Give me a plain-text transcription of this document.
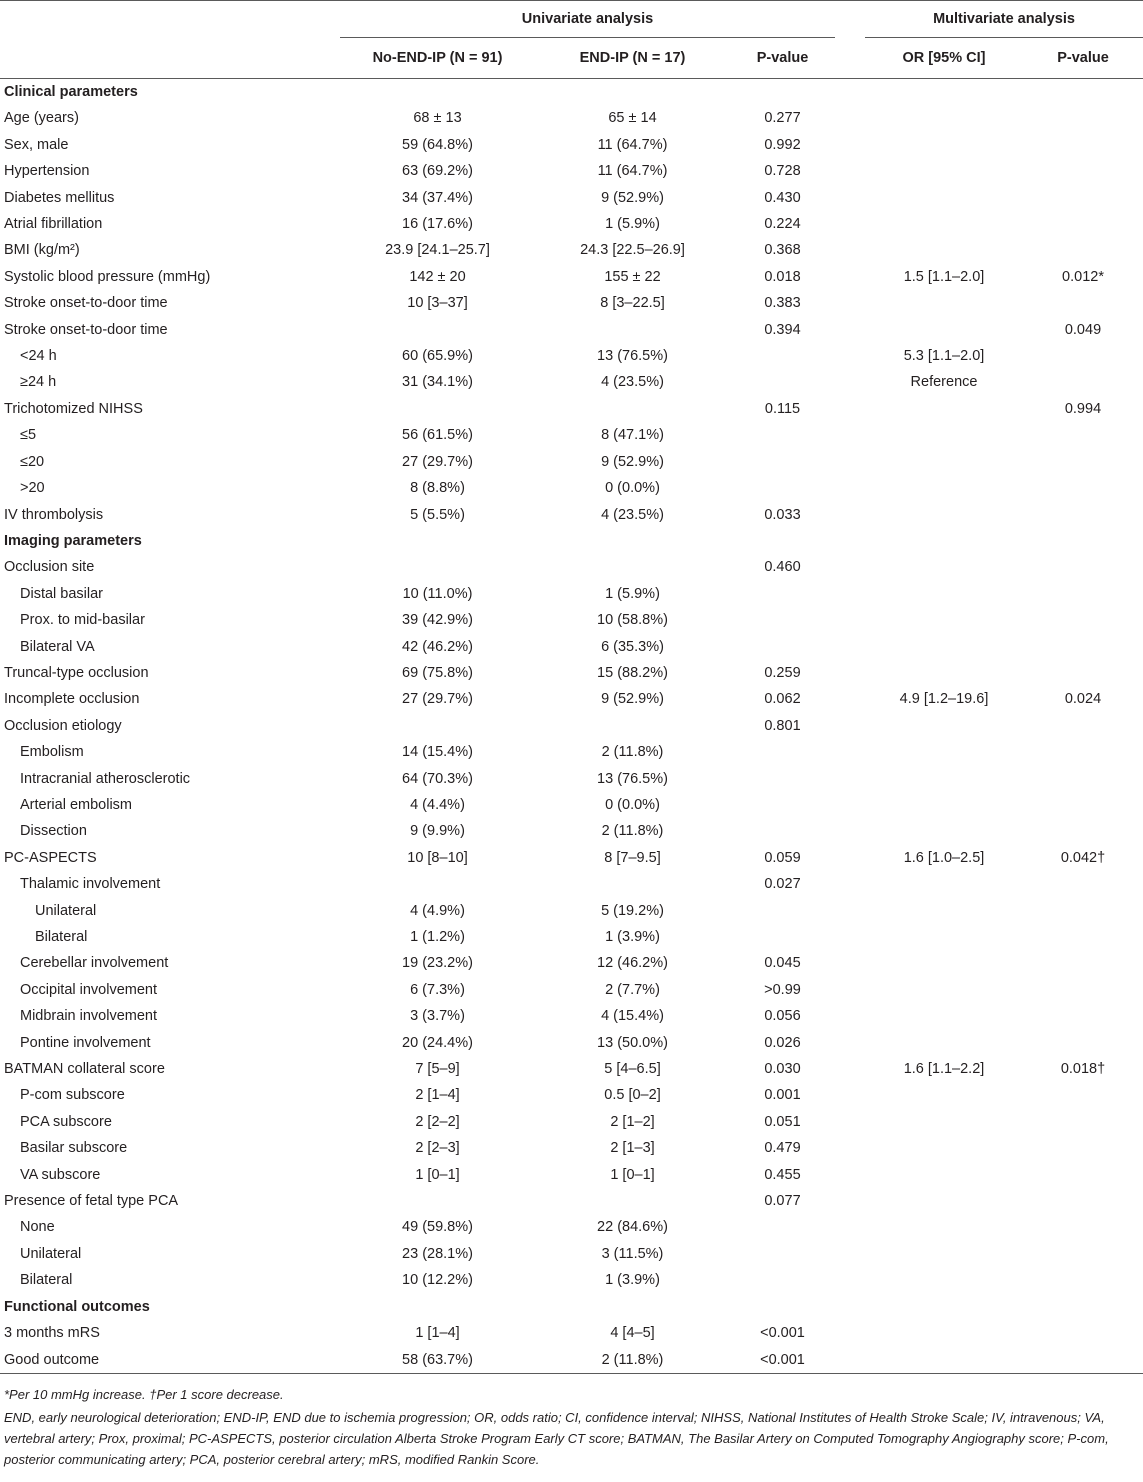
	Univariate analysis				Multivariate analysis	
	No-END-IP (N = 91)	END-IP (N = 17)	P-value		OR [95% CI]	P-value
Clinical parameters						
Age (years)	68 ± 13	65 ± 14	0.277			
Sex, male	59 (64.8%)	11 (64.7%)	0.992			
Hypertension	63 (69.2%)	11 (64.7%)	0.728			
Diabetes mellitus	34 (37.4%)	9 (52.9%)	0.430			
Atrial fibrillation	16 (17.6%)	1 (5.9%)	0.224			
BMI (kg/m²)	23.9 [24.1–25.7]	24.3 [22.5–26.9]	0.368			
Systolic blood pressure (mmHg)	142 ± 20	155 ± 22	0.018		1.5 [1.1–2.0]	0.012*
Stroke onset-to-door time	10 [3–37]	8 [3–22.5]	0.383			
Stroke onset-to-door time			0.394			0.049
<24 h	60 (65.9%)	13 (76.5%)			5.3 [1.1–2.0]	
≥24 h	31 (34.1%)	4 (23.5%)			Reference	
Trichotomized NIHSS			0.115			0.994
≤5	56 (61.5%)	8 (47.1%)				
≤20	27 (29.7%)	9 (52.9%)				
>20	8 (8.8%)	0 (0.0%)				
IV thrombolysis	5 (5.5%)	4 (23.5%)	0.033			
Imaging parameters						
Occlusion site			0.460			
Distal basilar	10 (11.0%)	1 (5.9%)				
Prox. to mid-basilar	39 (42.9%)	10 (58.8%)				
Bilateral VA	42 (46.2%)	6 (35.3%)				
Truncal-type occlusion	69 (75.8%)	15 (88.2%)	0.259			
Incomplete occlusion	27 (29.7%)	9 (52.9%)	0.062		4.9 [1.2–19.6]	0.024
Occlusion etiology			0.801			
Embolism	14 (15.4%)	2 (11.8%)				
Intracranial atherosclerotic	64 (70.3%)	13 (76.5%)				
Arterial embolism	4 (4.4%)	0 (0.0%)				
Dissection	9 (9.9%)	2 (11.8%)				
PC-ASPECTS	10 [8–10]	8 [7–9.5]	0.059		1.6 [1.0–2.5]	0.042†
Thalamic involvement			0.027			
Unilateral	4 (4.9%)	5 (19.2%)				
Bilateral	1 (1.2%)	1 (3.9%)				
Cerebellar involvement	19 (23.2%)	12 (46.2%)	0.045			
Occipital involvement	6 (7.3%)	2 (7.7%)	>0.99			
Midbrain involvement	3 (3.7%)	4 (15.4%)	0.056			
Pontine involvement	20 (24.4%)	13 (50.0%)	0.026			
BATMAN collateral score	7 [5–9]	5 [4–6.5]	0.030		1.6 [1.1–2.2]	0.018†
P-com subscore	2 [1–4]	0.5 [0–2]	0.001			
PCA subscore	2 [2–2]	2 [1–2]	0.051			
Basilar subscore	2 [2–3]	2 [1–3]	0.479			
VA subscore	1 [0–1]	1 [0–1]	0.455			
Presence of fetal type PCA			0.077			
None	49 (59.8%)	22 (84.6%)				
Unilateral	23 (28.1%)	3 (11.5%)				
Bilateral	10 (12.2%)	1 (3.9%)				
Functional outcomes						
3 months mRS	1 [1–4]	4 [4–5]	<0.001			
Good outcome	58 (63.7%)	2 (11.8%)	<0.001			

*Per 10 mmHg increase. †Per 1 score decrease.

END, early neurological deterioration; END-IP, END due to ischemia progression; OR, odds ratio; CI, confidence interval; NIHSS, National Institutes of Health Stroke Scale; IV, intravenous; VA, vertebral artery; Prox, proximal; PC-ASPECTS, posterior circulation Alberta Stroke Program Early CT score; BATMAN, The Basilar Artery on Computed Tomography Angiography score; P-com, posterior communicating artery; PCA, posterior cerebral artery; mRS, modified Rankin Score.
